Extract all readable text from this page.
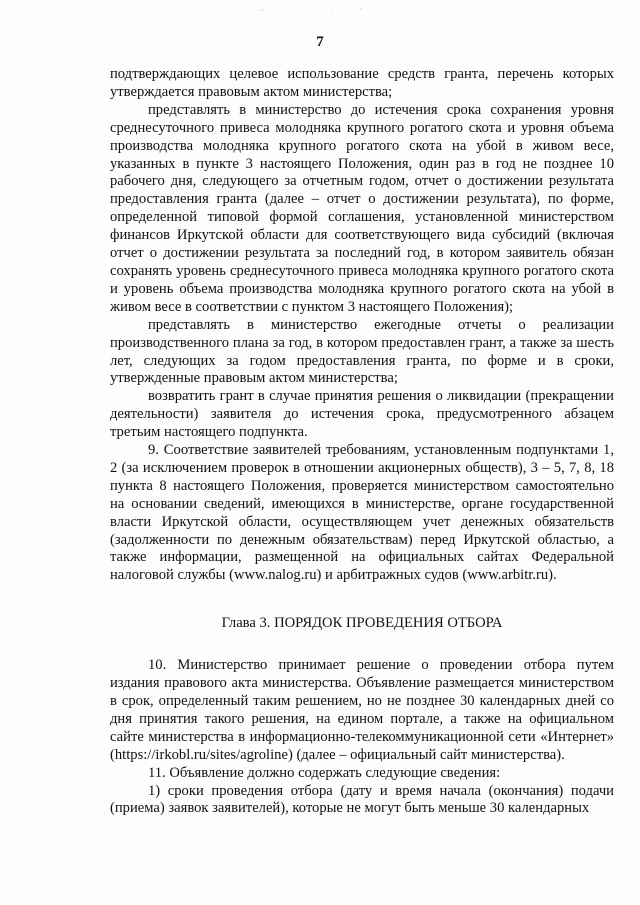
7

подтверждающих целевое использование средств гранта, перечень которых утверждается правовым актом министерства;

представлять в министерство до истечения срока сохранения уровня среднесуточного привеса молодняка крупного рогатого скота и уровня объема производства молодняка крупного рогатого скота на убой в живом весе, указанных в пункте 3 настоящего Положения, один раз в год не позднее 10 рабочего дня, следующего за отчетным годом, отчет о достижении результата предоставления гранта (далее – отчет о достижении результата), по форме, определенной типовой формой соглашения, установленной министерством финансов Иркутской области для соответствующего вида субсидий (включая отчет о достижении результата за последний год, в котором заявитель обязан сохранять уровень среднесуточного привеса молодняка крупного рогатого скота и уровень объема производства молодняка крупного рогатого скота на убой в живом весе в соответствии с пунктом 3 настоящего Положения);

представлять в министерство ежегодные отчеты о реализации производственного плана за год, в котором предоставлен грант, а также за шесть лет, следующих за годом предоставления гранта, по форме и в сроки, утвержденные правовым актом министерства;

возвратить грант в случае принятия решения о ликвидации (прекращении деятельности) заявителя до истечения срока, предусмотренного абзацем третьим настоящего подпункта.

9. Соответствие заявителей требованиям, установленным подпунктами 1, 2 (за исключением проверок в отношении акционерных обществ), 3 – 5, 7, 8, 18 пункта 8 настоящего Положения, проверяется министерством самостоятельно на основании сведений, имеющихся в министерстве, органе государственной власти Иркутской области, осуществляющем учет денежных обязательств (задолженности по денежным обязательствам) перед Иркутской областью, а также информации, размещенной на официальных сайтах Федеральной налоговой службы (www.nalog.ru) и арбитражных судов (www.arbitr.ru).

Глава 3. ПОРЯДОК ПРОВЕДЕНИЯ ОТБОРА

10. Министерство принимает решение о проведении отбора путем издания правового акта министерства. Объявление размещается министерством в срок, определенный таким решением, но не позднее 30 календарных дней со дня принятия такого решения, на едином портале, а также на официальном сайте министерства в информационно-телекоммуникационной сети «Интернет» (https://irkobl.ru/sites/agroline) (далее – официальный сайт министерства).

11. Объявление должно содержать следующие сведения:

1) сроки проведения отбора (дату и время начала (окончания) подачи (приема) заявок заявителей), которые не могут быть меньше 30 календарных
